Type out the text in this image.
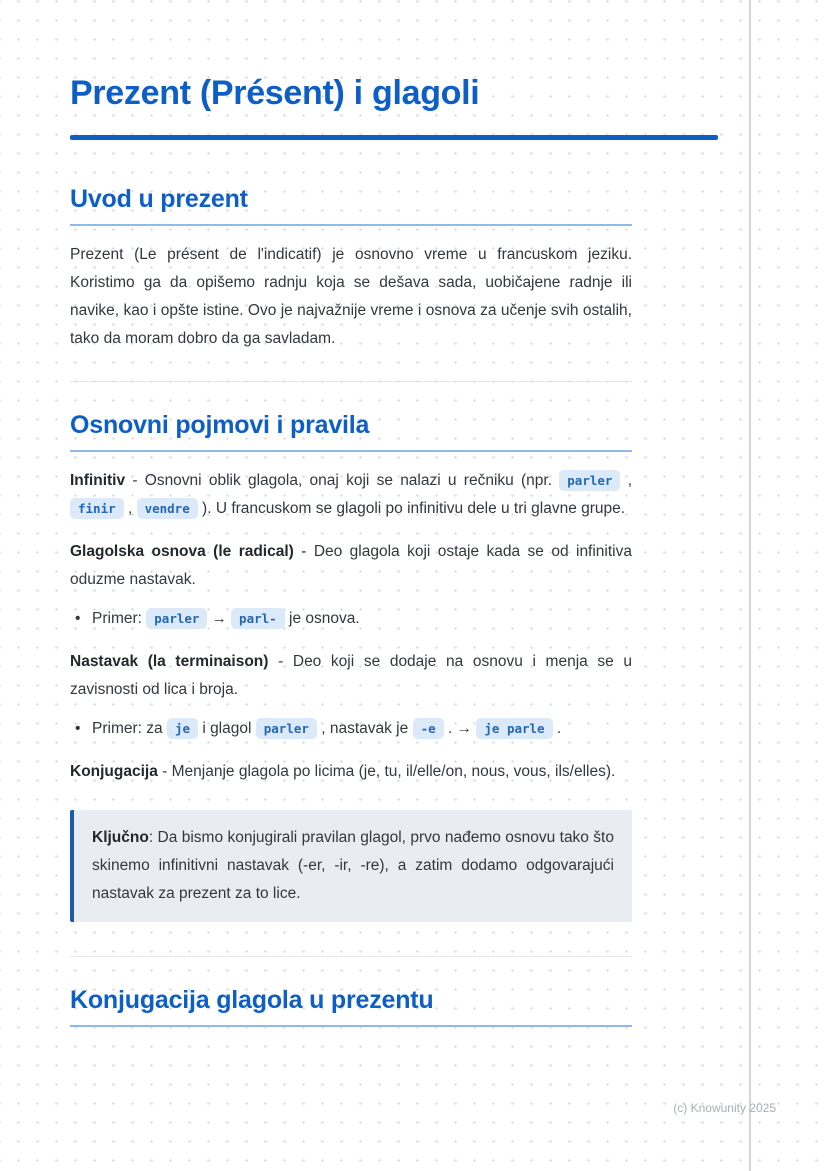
Prezent (Présent) i glagoli
Uvod u prezent

Prezent (Le présent de l'indicatif) je osnovno vreme u francuskom jeziku. Koristimo ga da opišemo radnju koja se dešava sada, uobičajene radnje ili navike, kao i opšte istine. Ovo je najvažnije vreme i osnova za učenje svih ostalih, tako da moram dobro da ga savladam.

Osnovni pojmovi i pravila

Infinitiv - Osnovni oblik glagola, onaj koji se nalazi u rečniku (npr. parler , finir , vendre ). U francuskom se glagoli po infinitivu dele u tri glavne grupe.

Glagolska osnova (le radical) - Deo glagola koji ostaje kada se od infinitiva oduzme nastavak.

• Primer: parler → parl- je osnova.

Nastavak (la terminaison) - Deo koji se dodaje na osnovu i menja se u zavisnosti od lica i broja.

• Primer: za je i glagol parler , nastavak je -e . → je parle .

Konjugacija - Menjanje glagola po licima (je, tu, il/elle/on, nous, vous, ils/elles).

Ključno: Da bismo konjugirali pravilan glagol, prvo nađemo osnovu tako što skinemo infinitivni nastavak (-er, -ir, -re), a zatim dodamo odgovarajući nastavak za prezent za to lice.

Konjugacija glagola u prezentu
(c) Knowunity 2025
